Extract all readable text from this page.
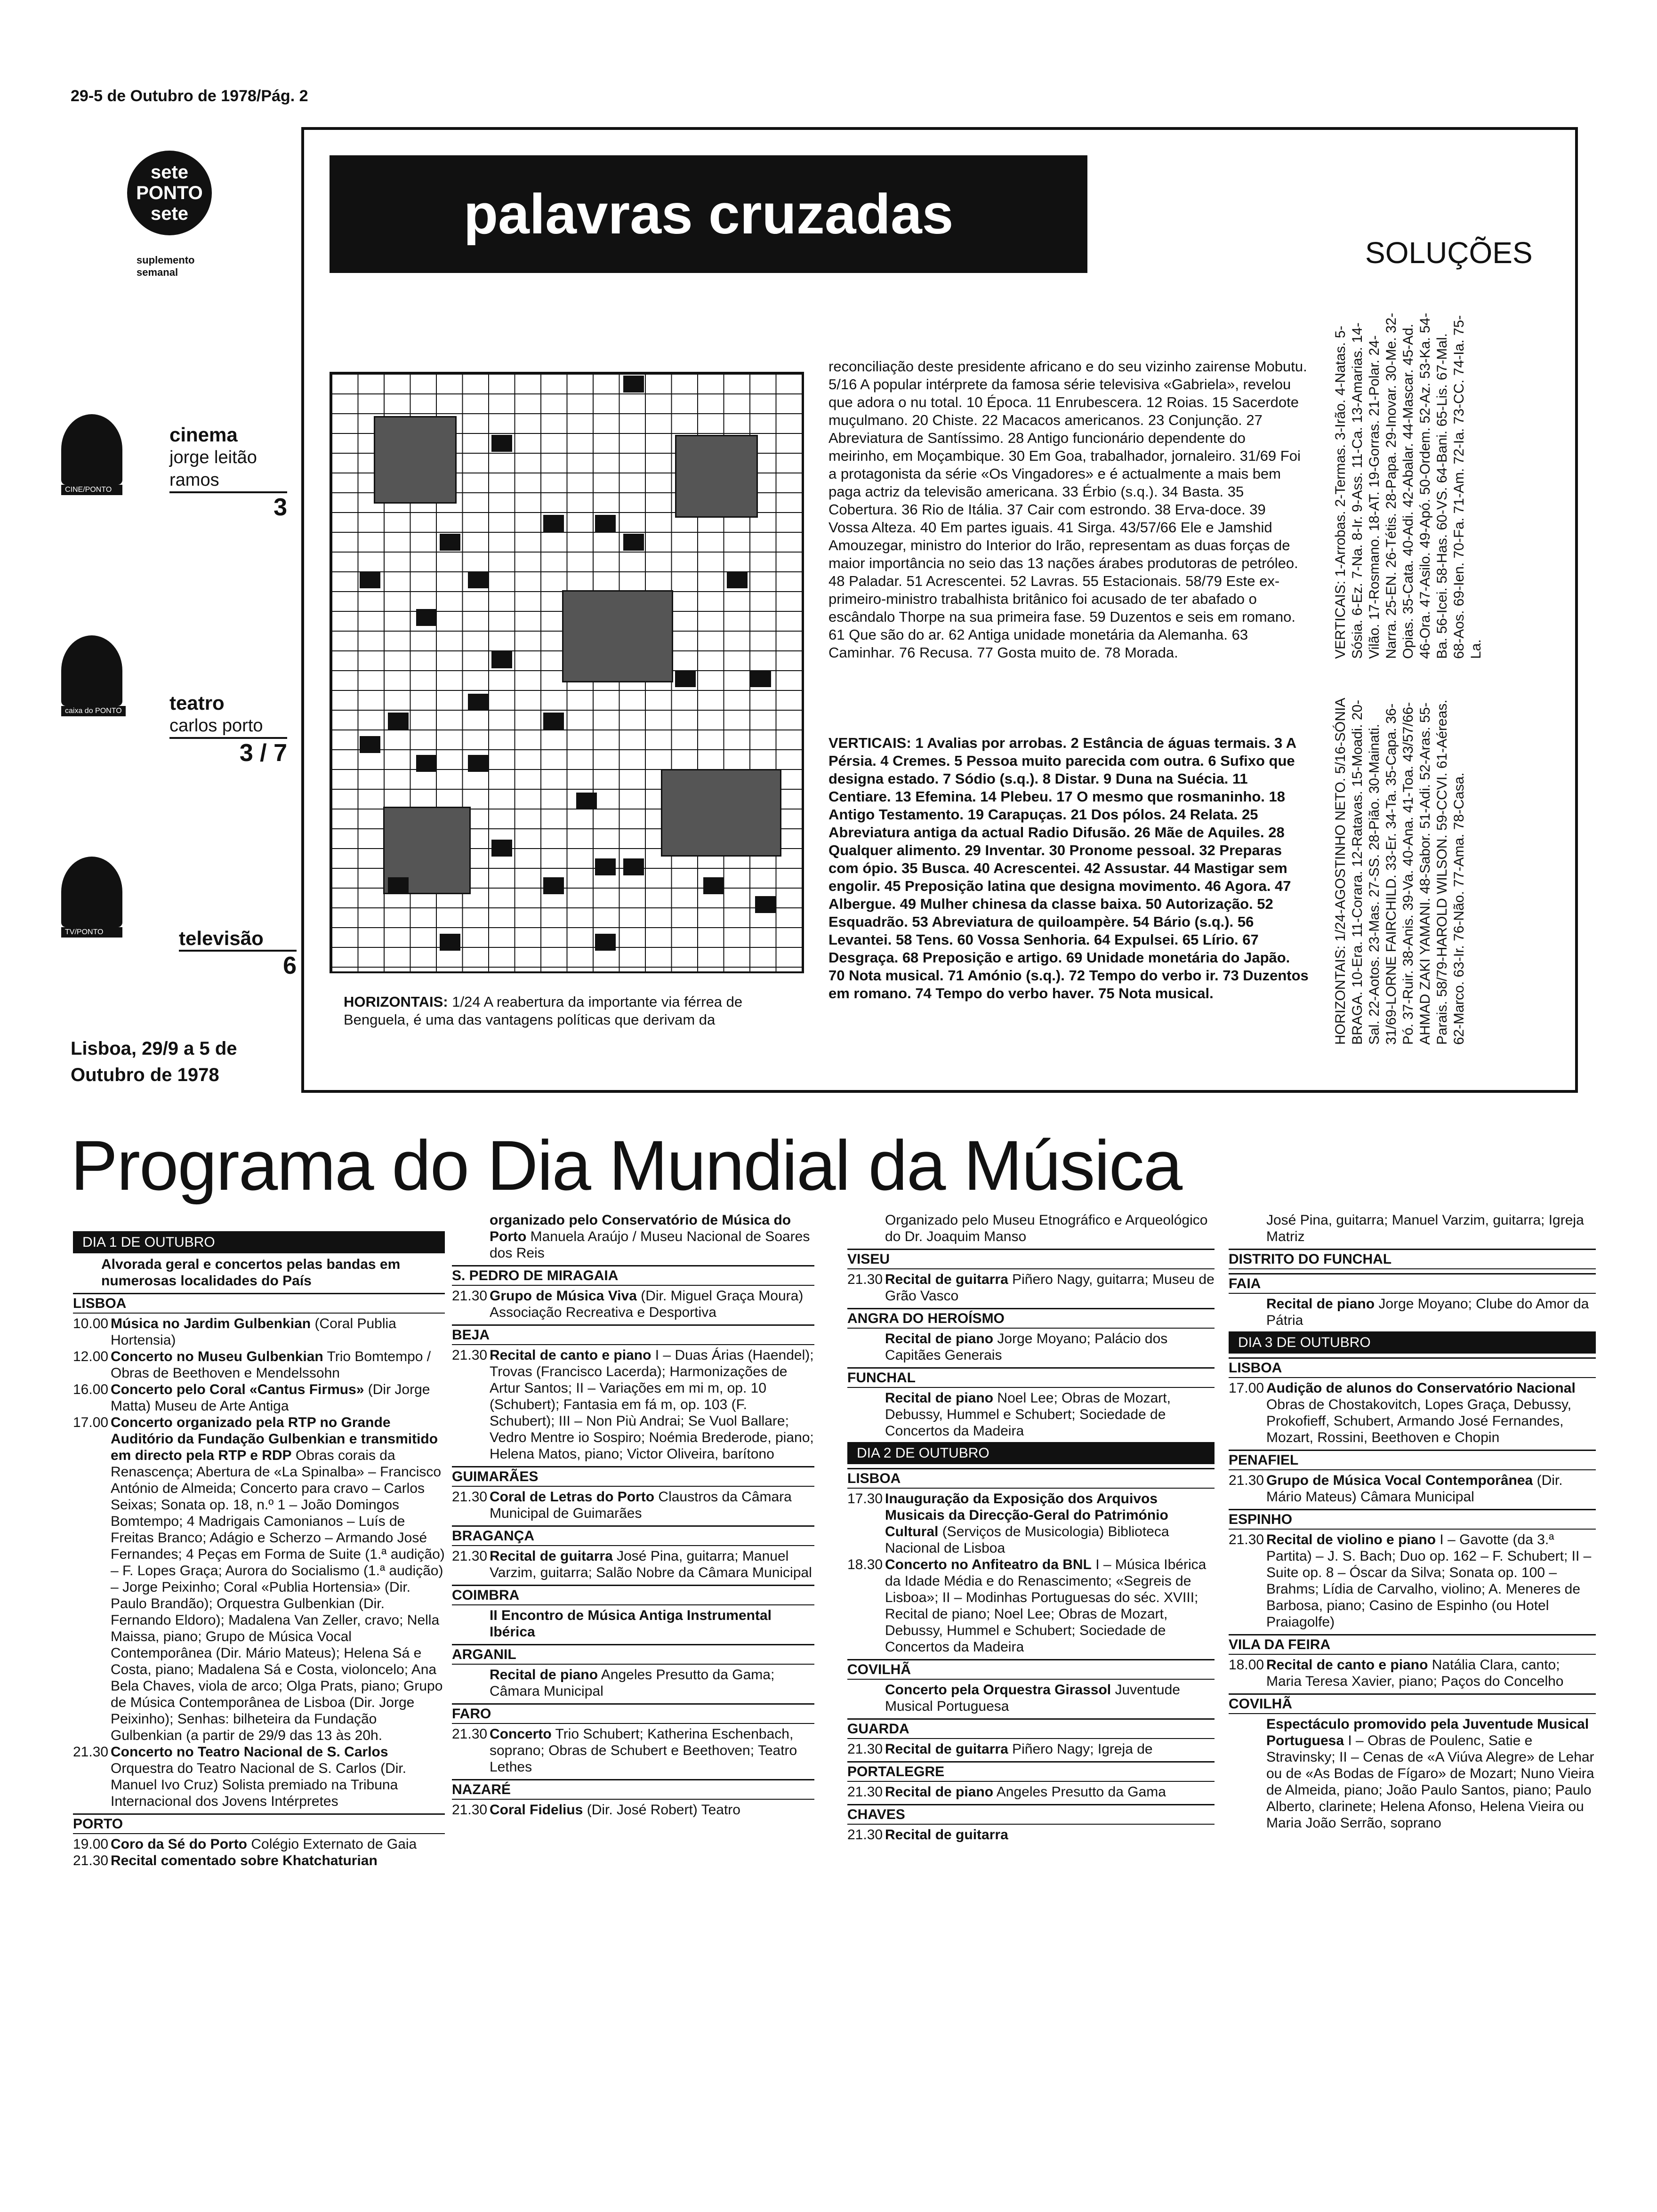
29-5 de Outubro de 1978/Pág. 2
sete
PONTO
sete
suplemento semanal
CINE/PONTO
cinema
jorge leitão ramos
3
caixa do PONTO teatro
carlos porto
3 / 7
TV/PONTO	televisão
6
Lisboa, 29/9 a 5 de Outubro de 1978
palavras cruzadas
SOLUÇÕES
HORIZONTAIS: 1/24 A reabertura da importante via férrea de Benguela, é uma das vantagens políticas que derivam da
reconciliação deste presidente africano e do seu vizinho zairense Mobutu. 5/16 A popular intérprete da famosa série televisiva «Gabriela», revelou que adora o nu total. 10 Época. 11 Enrubescera. 12 Roias. 15 Sacerdote muçulmano. 20 Chiste. 22 Macacos americanos. 23 Conjunção. 27 Abreviatura de Santíssimo. 28 Antigo funcionário dependente do meirinho, em Moçambique. 30 Em Goa, trabalhador, jornaleiro. 31/69 Foi a protagonista da série «Os Vingadores» e é actualmente a mais bem paga actriz da televisão americana. 33 Érbio (s.q.). 34 Basta. 35 Cobertura. 36 Rio de Itália. 37 Cair com estrondo. 38 Erva-doce. 39 Vossa Alteza. 40 Em partes iguais. 41 Sirga. 43/57/66 Ele e Jamshid Amouzegar, ministro do Interior do Irão, representam as duas forças de maior importância no seio das 13 nações árabes produtoras de petróleo. 48 Paladar. 51 Acrescentei. 52 Lavras. 55 Estacionais. 58/79 Este ex-primeiro-ministro trabalhista britânico foi acusado de ter abafado o escândalo Thorpe na sua primeira fase. 59 Duzentos e seis em romano. 61 Que são do ar. 62 Antiga unidade monetária da Alemanha. 63 Caminhar. 76 Recusa. 77 Gosta muito de. 78 Morada.
VERTICAIS: 1 Avalias por arrobas. 2 Estância de águas termais. 3 A Pérsia. 4 Cremes. 5 Pessoa muito parecida com outra. 6 Sufixo que designa estado. 7 Sódio (s.q.). 8 Distar. 9 Duna na Suécia. 11 Centiare. 13 Efemina. 14 Plebeu. 17 O mesmo que rosmaninho. 18 Antigo Testamento. 19 Carapuças. 21 Dos pólos. 24 Relata. 25 Abreviatura antiga da actual Radio Difusão. 26 Mãe de Aquiles. 28 Qualquer alimento. 29 Inventar. 30 Pronome pessoal. 32 Preparas com ópio. 35 Busca. 40 Acrescentei. 42 Assustar. 44 Mastigar sem engolir. 45 Preposição latina que designa movimento. 46 Agora. 47 Albergue. 49 Mulher chinesa da classe baixa. 50 Autorização. 52 Esquadrão. 53 Abreviatura de quiloampère. 54 Bário (s.q.). 56 Levantei. 58 Tens. 60 Vossa Senhoria. 64 Expulsei. 65 Lírio. 67 Desgraça. 68 Preposição e artigo. 69 Unidade monetária do Japão. 70 Nota musical. 71 Amónio (s.q.). 72 Tempo do verbo ir. 73 Duzentos em romano. 74 Tempo do verbo haver. 75 Nota musical.
VERTICAIS: 1-Arrobas. 2-Termas. 3-Irão. 4-Natas. 5-Sósia. 6-Ez. 7-Na. 8-Ir. 9-Ass. 11-Ca. 13-Amarias. 14-Vilão. 17-Rosmano. 18-AT. 19-Gorras. 21-Polar. 24-Narra. 25-EN. 26-Tétis. 28-Papa. 29-Inovar. 30-Me. 32-Opias. 35-Cata. 40-Adi. 42-Abalar. 44-Mascar. 45-Ad. 46-Ora. 47-Asilo. 49-Apó. 50-Ordem. 52-Az. 53-Ka. 54-Ba. 56-Icei. 58-Has. 60-VS. 64-Bani. 65-Lis. 67-Mal. 68-Aos. 69-Ien. 70-Fa. 71-Am. 72-Ia. 73-CC. 74-Ia. 75-La.
HORIZONTAIS: 1/24-AGOSTINHO NETO. 5/16-SÓNIA BRAGA. 10-Era. 11-Corara. 12-Ratavas. 15-Moadi. 20-Sal. 22-Aotos. 23-Mas. 27-SS. 28-Pião. 30-Mainati. 31/69-LORNE FAIRCHILD. 33-Er. 34-Ta. 35-Capa. 36-Pó. 37-Ruir. 38-Anis. 39-Va. 40-Ana. 41-Toa. 43/57/66-AHMAD ZAKI YAMANI. 48-Sabor. 51-Adi. 52-Aras. 55-Parais. 58/79-HAROLD WILSON. 59-CCVI. 61-Aéreas. 62-Marco. 63-Ir. 76-Não. 77-Ama. 78-Casa.
Programa do Dia Mundial da Música
DIA 1 DE OUTUBRO
Alvorada geral e concertos pelas bandas em numerosas localidades do País
LISBOA
10.00 Música no Jardim Gulbenkian (Coral Publia Hortensia)
12.00 Concerto no Museu Gulbenkian Trio Bomtempo / Obras de Beethoven e Mendelssohn
16.00 Concerto pelo Coral «Cantus Firmus» (Dir Jorge Matta) Museu de Arte Antiga
17.00 Concerto organizado pela RTP no Grande Auditório da Fundação Gulbenkian e transmitido em directo pela RTP e RDP Obras corais da Renascença; Abertura de «La Spinalba» – Francisco António de Almeida; Concerto para cravo – Carlos Seixas; Sonata op. 18, n.º 1 – João Domingos Bomtempo; 4 Madrigais Camonianos – Luís de Freitas Branco; Adágio e Scherzo – Armando José Fernandes; 4 Peças em Forma de Suite (1.ª audição) – F. Lopes Graça; Aurora do Socialismo (1.ª audição) – Jorge Peixinho; Coral «Publia Hortensia» (Dir. Paulo Brandão); Orquestra Gulbenkian (Dir. Fernando Eldoro); Madalena Van Zeller, cravo; Nella Maissa, piano; Grupo de Música Vocal Contemporânea (Dir. Mário Mateus); Helena Sá e Costa, piano; Madalena Sá e Costa, violoncelo; Ana Bela Chaves, viola de arco; Olga Prats, piano; Grupo de Música Contemporânea de Lisboa (Dir. Jorge Peixinho); Senhas: bilheteira da Fundação Gulbenkian (a partir de 29/9 das 13 às 20h.
21.30 Concerto no Teatro Nacional de S. Carlos Orquestra do Teatro Nacional de S. Carlos (Dir. Manuel Ivo Cruz) Solista premiado na Tribuna Internacional dos Jovens Intérpretes
PORTO
19.00 Coro da Sé do Porto Colégio Externato de Gaia
21.30 Recital comentado sobre Khatchaturian
organizado pelo Conservatório de Música do Porto Manuela Araújo / Museu Nacional de Soares dos Reis
S. PEDRO DE MIRAGAIA
21.30 Grupo de Música Viva (Dir. Miguel Graça Moura) Associação Recreativa e Desportiva
BEJA
21.30 Recital de canto e piano I – Duas Árias (Haendel); Trovas (Francisco Lacerda); Harmonizações de Artur Santos; II – Variações em mi m, op. 10 (Schubert); Fantasia em fá m, op. 103 (F. Schubert); III – Non Più Andrai; Se Vuol Ballare; Vedro Mentre io Sospiro; Noémia Brederode, piano; Helena Matos, piano; Victor Oliveira, barítono
GUIMARÃES
21.30 Coral de Letras do Porto Claustros da Câmara Municipal de Guimarães
BRAGANÇA
21.30 Recital de guitarra José Pina, guitarra; Manuel Varzim, guitarra; Salão Nobre da Câmara Municipal
COIMBRA
II Encontro de Música Antiga Instrumental Ibérica
ARGANIL
Recital de piano Angeles Presutto da Gama; Câmara Municipal
FARO
21.30 Concerto Trio Schubert; Katherina Eschenbach, soprano; Obras de Schubert e Beethoven; Teatro Lethes
NAZARÉ
21.30 Coral Fidelius (Dir. José Robert) Teatro
Organizado pelo Museu Etnográfico e Arqueológico do Dr. Joaquim Manso
VISEU
21.30 Recital de guitarra Piñero Nagy, guitarra; Museu de Grão Vasco
ANGRA DO HEROÍSMO
Recital de piano Jorge Moyano; Palácio dos Capitães Generais
FUNCHAL
Recital de piano Noel Lee; Obras de Mozart, Debussy, Hummel e Schubert; Sociedade de Concertos da Madeira
DIA 2 DE OUTUBRO
LISBOA
17.30 Inauguração da Exposição dos Arquivos Musicais da Direcção-Geral do Património Cultural (Serviços de Musicologia) Biblioteca Nacional de Lisboa
18.30 Concerto no Anfiteatro da BNL I – Música Ibérica da Idade Média e do Renascimento; «Segreis de Lisboa»; II – Modinhas Portuguesas do séc. XVIII; Recital de piano; Noel Lee; Obras de Mozart, Debussy, Hummel e Schubert; Sociedade de Concertos da Madeira
COVILHÃ
Concerto pela Orquestra Girassol Juventude Musical Portuguesa
GUARDA
21.30 Recital de guitarra Piñero Nagy; Igreja de
PORTALEGRE
21.30 Recital de piano Angeles Presutto da Gama
CHAVES
21.30 Recital de guitarra
José Pina, guitarra; Manuel Varzim, guitarra; Igreja Matriz
DISTRITO DO FUNCHAL
FAIA
Recital de piano Jorge Moyano; Clube do Amor da Pátria
DIA 3 DE OUTUBRO
LISBOA
17.00 Audição de alunos do Conservatório Nacional Obras de Chostakovitch, Lopes Graça, Debussy, Prokofieff, Schubert, Armando José Fernandes, Mozart, Rossini, Beethoven e Chopin
PENAFIEL
21.30 Grupo de Música Vocal Contemporânea (Dir. Mário Mateus) Câmara Municipal
ESPINHO
21.30 Recital de violino e piano I – Gavotte (da 3.ª Partita) – J. S. Bach; Duo op. 162 – F. Schubert; II – Suite op. 8 – Óscar da Silva; Sonata op. 100 – Brahms; Lídia de Carvalho, violino; A. Meneres de Barbosa, piano; Casino de Espinho (ou Hotel Praiagolfe)
VILA DA FEIRA
18.00 Recital de canto e piano Natália Clara, canto; Maria Teresa Xavier, piano; Paços do Concelho
COVILHÃ
Espectáculo promovido pela Juventude Musical Portuguesa I – Obras de Poulenc, Satie e Stravinsky; II – Cenas de «A Viúva Alegre» de Lehar ou de «As Bodas de Fígaro» de Mozart; Nuno Vieira de Almeida, piano; João Paulo Santos, piano; Paulo Alberto, clarinete; Helena Afonso, Helena Vieira ou Maria João Serrão, soprano
